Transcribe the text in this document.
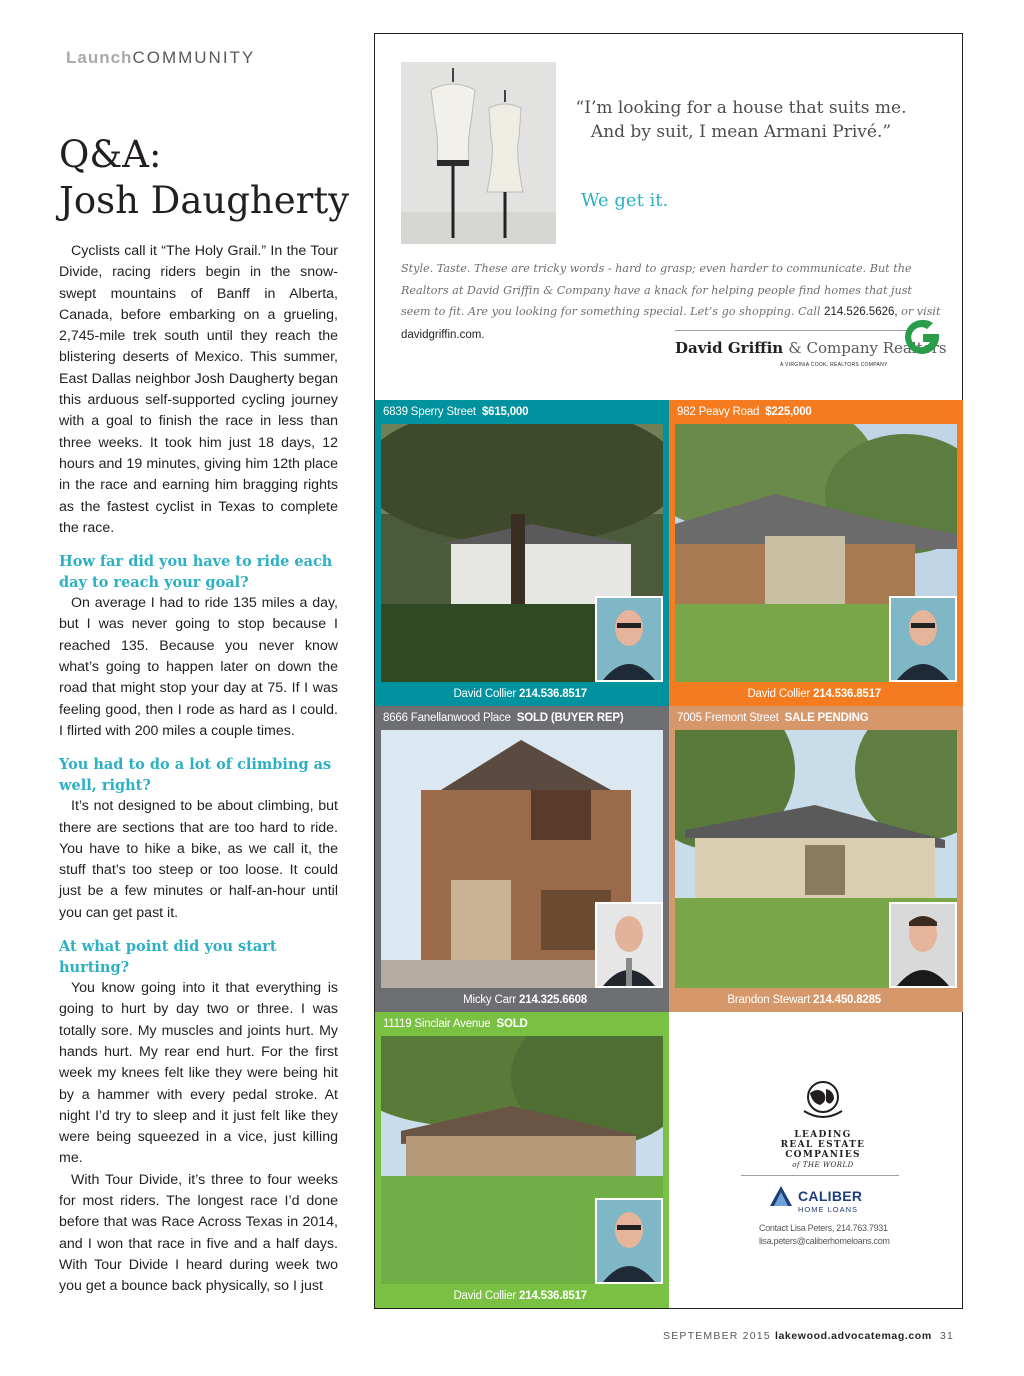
LaunchCOMMUNITY
Q&A:
Josh Daugherty

Cyclists call it “The Holy Grail.” In the Tour Divide, racing riders begin in the snow-swept mountains of Banff in Alberta, Canada, before embarking on a grueling, 2,745-mile trek south until they reach the blistering deserts of Mexico. This summer, East Dallas neighbor Josh Daugherty began this arduous self-supported cycling journey with a goal to finish the race in less than three weeks. It took him just 18 days, 12 hours and 19 minutes, giving him 12th place in the race and earning him bragging rights as the fastest cyclist in Texas to complete the race.

How far did you have to ride each day to reach your goal?

On average I had to ride 135 miles a day, but I was never going to stop because I reached 135. Because you never know what’s going to happen later on down the road that might stop your day at 75. If I was feeling good, then I rode as hard as I could. I flirted with 200 miles a couple times.

You had to do a lot of climbing as well, right?

It’s not designed to be about climbing, but there are sections that are too hard to ride. You have to hike a bike, as we call it, the stuff that’s too steep or too loose. It could just be a few minutes or half-an-hour until you can get past it.

At what point did you start hurting?

You know going into it that everything is going to hurt by day two or three. I was totally sore. My muscles and joints hurt. My hands hurt. My rear end hurt. For the first week my knees felt like they were being hit by a hammer with every pedal stroke. At night I’d try to sleep and it just felt like they were being squeezed in a vice, just killing me.

With Tour Divide, it’s three to four weeks for most riders. The longest race I’d done before that was Race Across Texas in 2014, and I won that race in five and a half days. With Tour Divide I heard during week two you get a bounce back physically, so I just

“I’m looking for a house that suits me. And by suit, I mean Armani Privé.”
We get it.
Style. Taste. These are tricky words - hard to grasp; even harder to communicate. But the Realtors at David Griffin & Company have a knack for helping people find homes that just seem to fit. Are you looking for something special. Let’s go shopping. Call 214.526.5626, or visit davidgriffin.com.
David Griffin & Company Realtors
A VIRGINIA COOK, REALTORS COMPANY
6839 Sperry Street $615,000
David Collier 214.536.8517
982 Peavy Road $225,000
David Collier 214.536.8517
8666 Fanellanwood Place SOLD (BUYER REP)
Micky Carr 214.325.6608
7005 Fremont Street SALE PENDING
Brandon Stewart 214.450.8285
11119 Sinclair Avenue SOLD
David Collier 214.536.8517
LEADING
REAL ESTATE
COMPANIES
of THE WORLD
CALIBER
HOME LOANS
Contact Lisa Peters, 214.763.7931
lisa.peters@caliberhomeloans.com
SEPTEMBER 2015 lakewood.advocatemag.com 31
